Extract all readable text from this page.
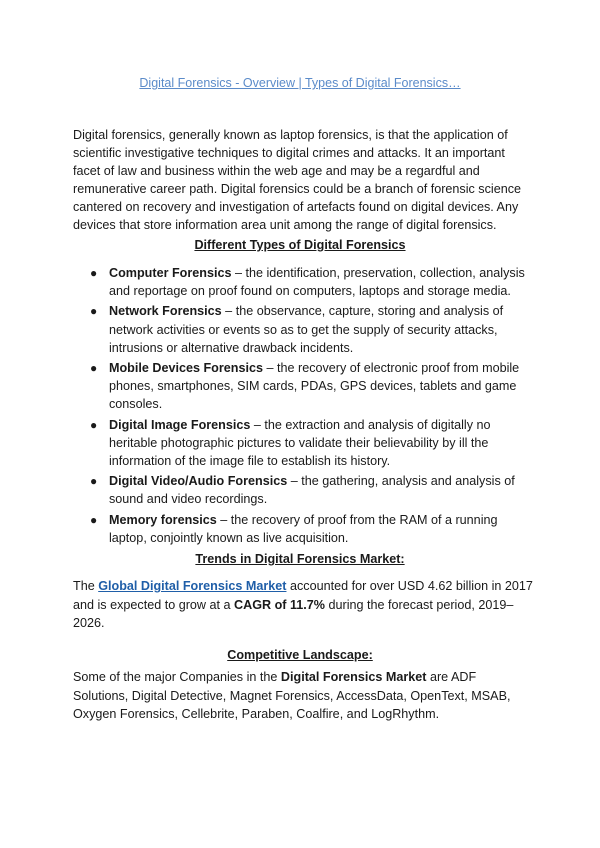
Digital Forensics - Overview | Types of Digital Forensics…

Digital forensics, generally known as laptop forensics, is that the application of scientific investigative techniques to digital crimes and attacks. It an important facet of law and business within the web age and may be a regardful and remunerative career path. Digital forensics could be a branch of forensic science cantered on recovery and investigation of artefacts found on digital devices. Any devices that store information area unit among the range of digital forensics.

Different Types of Digital Forensics
● Computer Forensics – the identification, preservation, collection, analysis and reportage on proof found on computers, laptops and storage media.
● Network Forensics – the observance, capture, storing and analysis of network activities or events so as to get the supply of security attacks, intrusions or alternative drawback incidents.
● Mobile Devices Forensics – the recovery of electronic proof from mobile phones, smartphones, SIM cards, PDAs, GPS devices, tablets and game consoles.
● Digital Image Forensics – the extraction and analysis of digitally no heritable photographic pictures to validate their believability by ill the information of the image file to establish its history.
● Digital Video/Audio Forensics – the gathering, analysis and analysis of sound and video recordings.
● Memory forensics – the recovery of proof from the RAM of a running laptop, conjointly known as live acquisition.
Trends in Digital Forensics Market:

The Global Digital Forensics Market accounted for over USD 4.62 billion in 2017 and is expected to grow at a CAGR of 11.7% during the forecast period, 2019–2026.

Competitive Landscape:

Some of the major Companies in the Digital Forensics Market are ADF Solutions, Digital Detective, Magnet Forensics, AccessData, OpenText, MSAB, Oxygen Forensics, Cellebrite, Paraben, Coalfire, and LogRhythm.
